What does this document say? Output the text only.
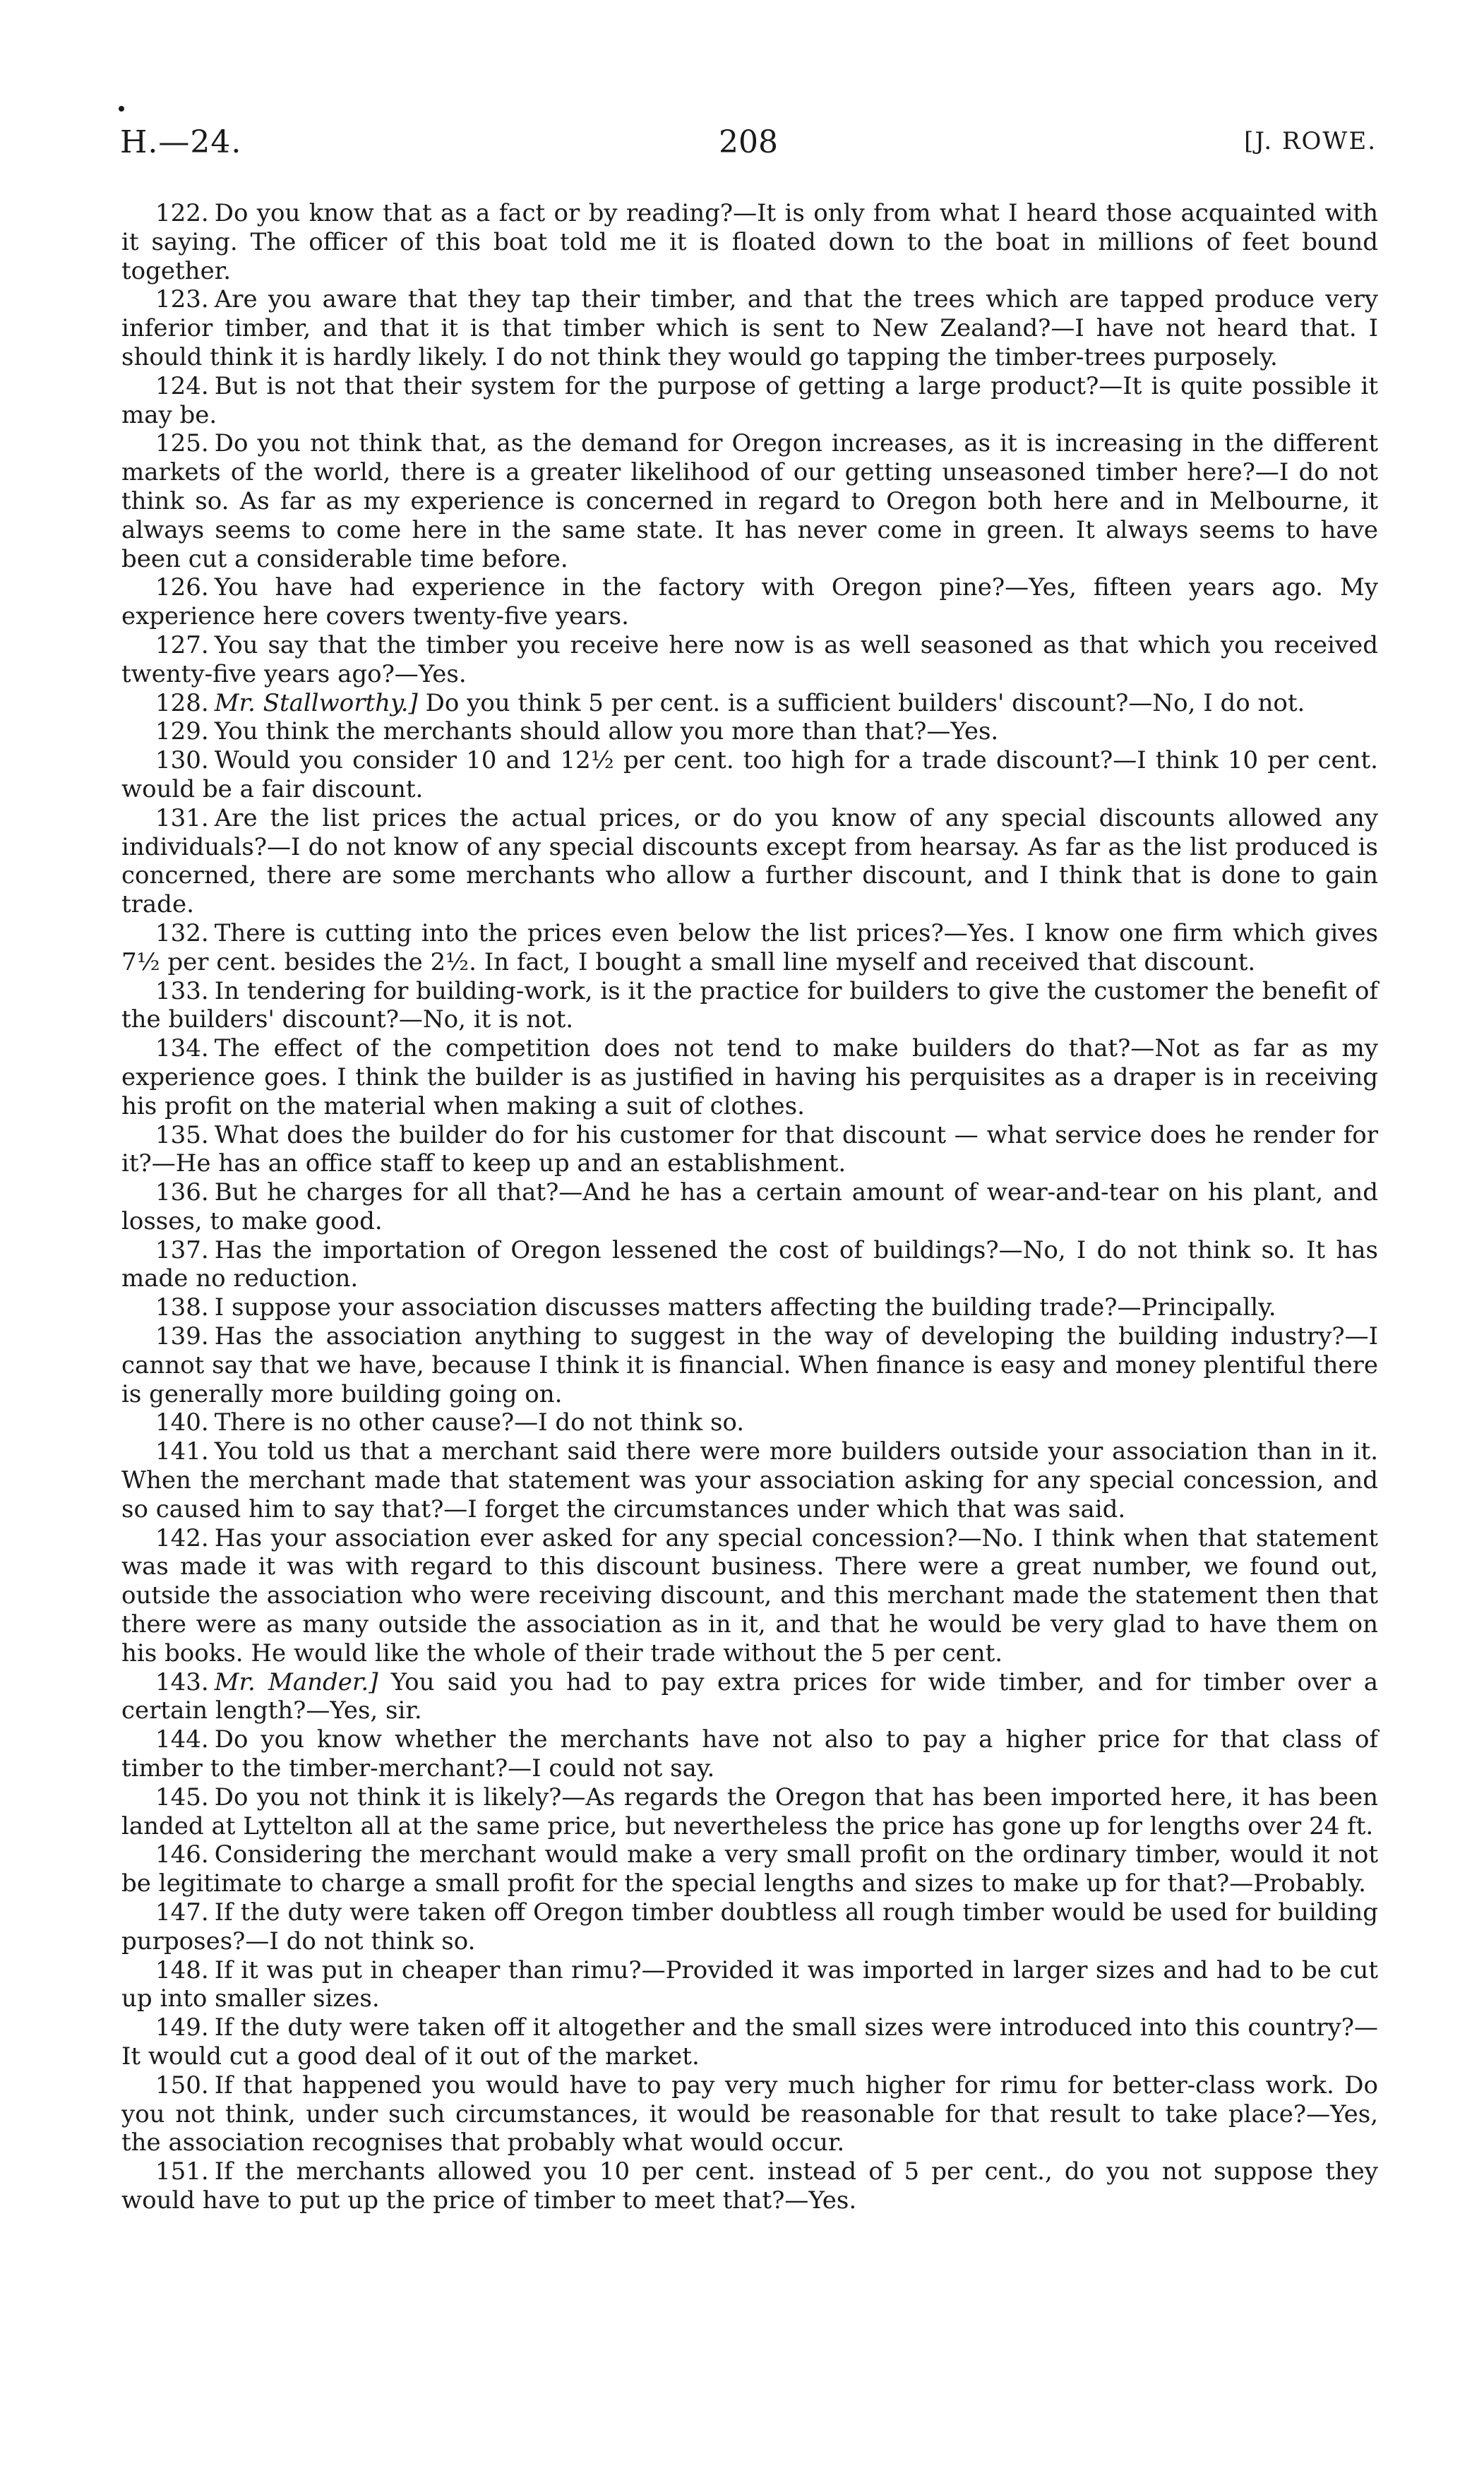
H.—24.	208	[J. ROWE.

122. Do you know that as a fact or by reading?—It is only from what I heard those acquainted with it saying. The officer of this boat told me it is floated down to the boat in millions of feet bound together.

123. Are you aware that they tap their timber, and that the trees which are tapped produce very inferior timber, and that it is that timber which is sent to New Zealand?—I have not heard that. I should think it is hardly likely. I do not think they would go tapping the timber-trees purposely.

124. But is not that their system for the purpose of getting a large product?—It is quite possible it may be.

125. Do you not think that, as the demand for Oregon increases, as it is increasing in the different markets of the world, there is a greater likelihood of our getting unseasoned timber here?—I do not think so. As far as my experience is concerned in regard to Oregon both here and in Melbourne, it always seems to come here in the same state. It has never come in green. It always seems to have been cut a considerable time before.

126. You have had experience in the factory with Oregon pine?—Yes, fifteen years ago. My experience here covers twenty-five years.

127. You say that the timber you receive here now is as well seasoned as that which you received twenty-five years ago?—Yes.

128. Mr. Stallworthy.] Do you think 5 per cent. is a sufficient builders' discount?—No, I do not.

129. You think the merchants should allow you more than that?—Yes.

130. Would you consider 10 and 12½ per cent. too high for a trade discount?—I think 10 per cent. would be a fair discount.

131. Are the list prices the actual prices, or do you know of any special discounts allowed any individuals?—I do not know of any special discounts except from hearsay. As far as the list produced is concerned, there are some merchants who allow a further discount, and I think that is done to gain trade.

132. There is cutting into the prices even below the list prices?—Yes. I know one firm which gives 7½ per cent. besides the 2½. In fact, I bought a small line myself and received that discount.

133. In tendering for building-work, is it the practice for builders to give the customer the benefit of the builders' discount?—No, it is not.

134. The effect of the competition does not tend to make builders do that?—Not as far as my experience goes. I think the builder is as justified in having his perquisites as a draper is in receiving his profit on the material when making a suit of clothes.

135. What does the builder do for his customer for that discount — what service does he render for it?—He has an office staff to keep up and an establishment.

136. But he charges for all that?—And he has a certain amount of wear-and-tear on his plant, and losses, to make good.

137. Has the importation of Oregon lessened the cost of buildings?—No, I do not think so. It has made no reduction.

138. I suppose your association discusses matters affecting the building trade?—Principally.

139. Has the association anything to suggest in the way of developing the building industry?—I cannot say that we have, because I think it is financial. When finance is easy and money plentiful there is generally more building going on.

140. There is no other cause?—I do not think so.

141. You told us that a merchant said there were more builders outside your association than in it. When the merchant made that statement was your association asking for any special concession, and so caused him to say that?—I forget the circumstances under which that was said.

142. Has your association ever asked for any special concession?—No. I think when that statement was made it was with regard to this discount business. There were a great number, we found out, outside the association who were receiving discount, and this merchant made the statement then that there were as many outside the association as in it, and that he would be very glad to have them on his books. He would like the whole of their trade without the 5 per cent.

143. Mr. Mander.] You said you had to pay extra prices for wide timber, and for timber over a certain length?—Yes, sir.

144. Do you know whether the merchants have not also to pay a higher price for that class of timber to the timber-merchant?—I could not say.

145. Do you not think it is likely?—As regards the Oregon that has been imported here, it has been landed at Lyttelton all at the same price, but nevertheless the price has gone up for lengths over 24 ft.

146. Considering the merchant would make a very small profit on the ordinary timber, would it not be legitimate to charge a small profit for the special lengths and sizes to make up for that?—Probably.

147. If the duty were taken off Oregon timber doubtless all rough timber would be used for building purposes?—I do not think so.

148. If it was put in cheaper than rimu?—Provided it was imported in larger sizes and had to be cut up into smaller sizes.

149. If the duty were taken off it altogether and the small sizes were introduced into this country?—It would cut a good deal of it out of the market.

150. If that happened you would have to pay very much higher for rimu for better-class work. Do you not think, under such circumstances, it would be reasonable for that result to take place?—Yes, the association recognises that probably what would occur.

151. If the merchants allowed you 10 per cent. instead of 5 per cent., do you not suppose they would have to put up the price of timber to meet that?—Yes.
